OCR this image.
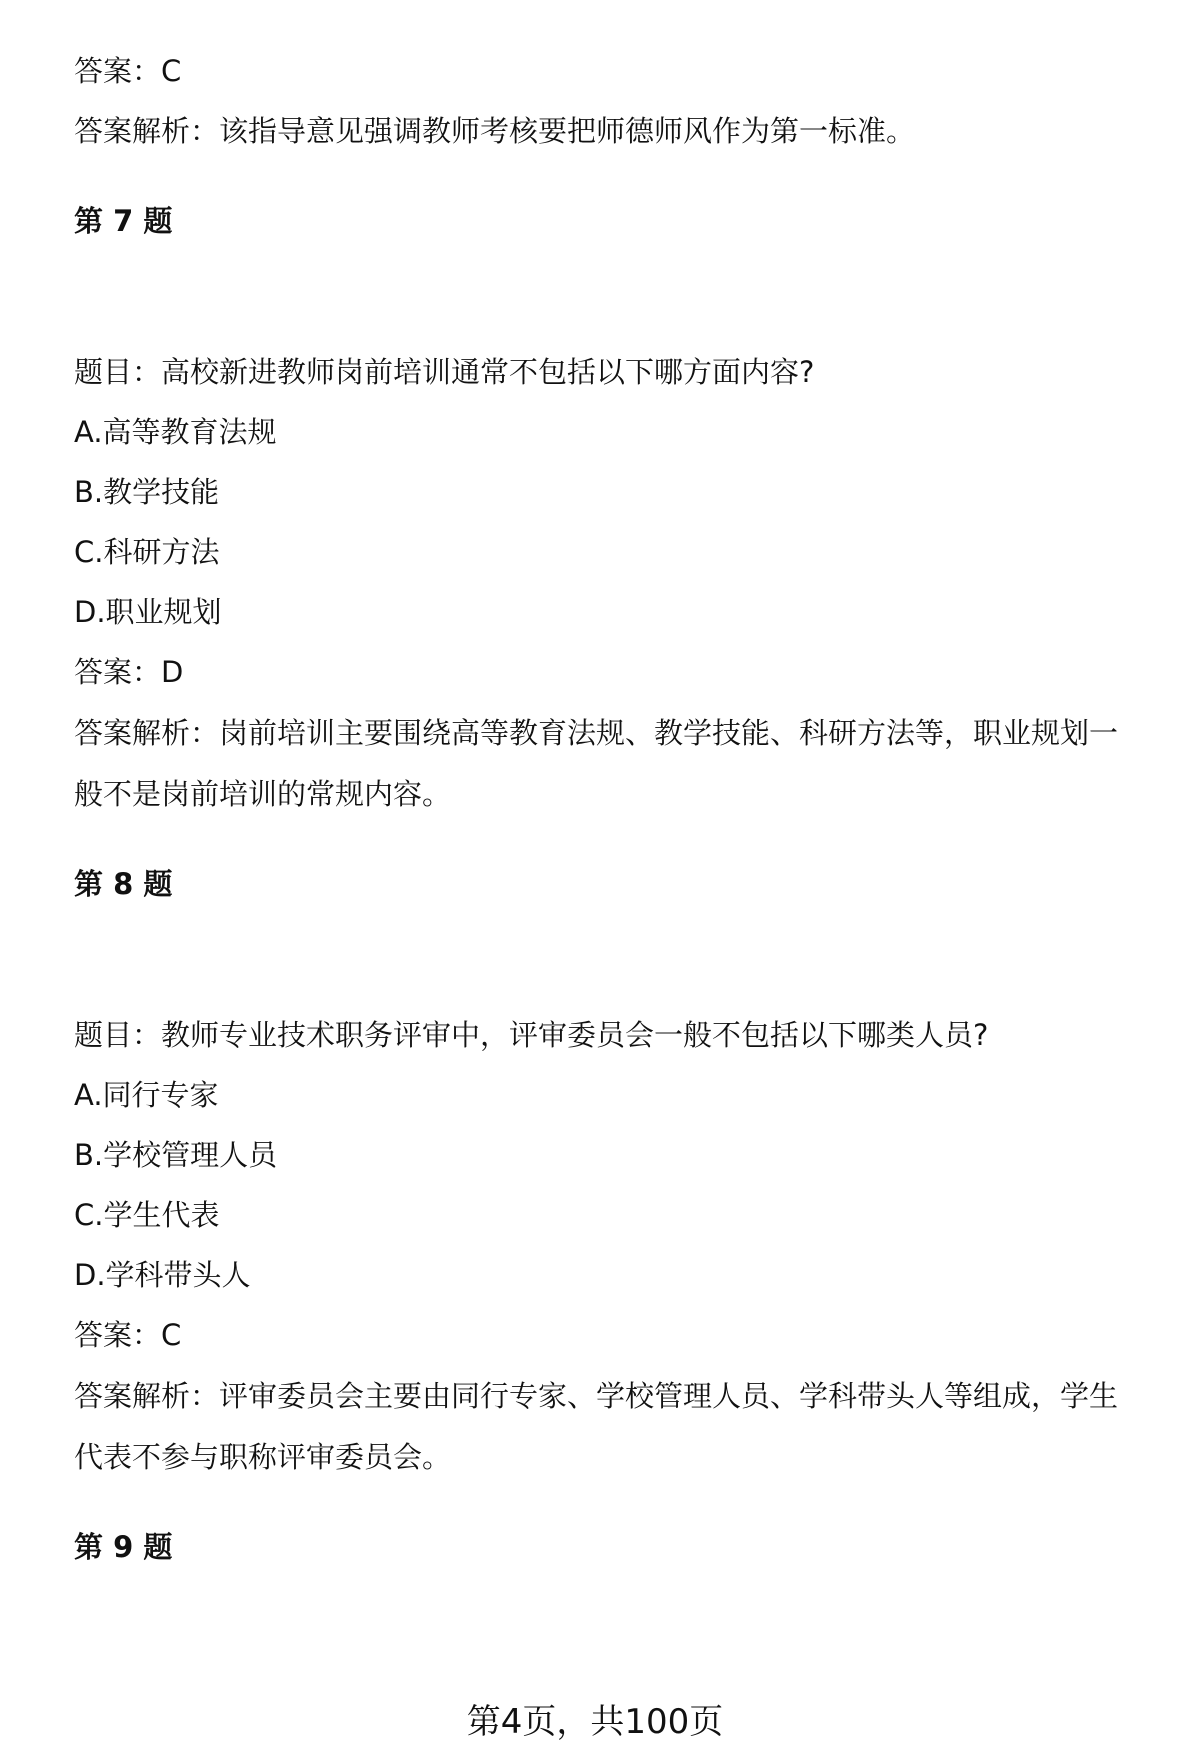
答案：C
答案解析：该指导意见强调教师考核要把师德师风作为第一标准。
第 7 题
题目：高校新进教师岗前培训通常不包括以下哪方面内容?
A.高等教育法规
B.教学技能
C.科研方法
D.职业规划
答案：D
答案解析：岗前培训主要围绕高等教育法规、教学技能、科研方法等，职业规划一
般不是岗前培训的常规内容。
第 8 题
题目：教师专业技术职务评审中，评审委员会一般不包括以下哪类人员?
A.同行专家
B.学校管理人员
C.学生代表
D.学科带头人
答案：C
答案解析：评审委员会主要由同行专家、学校管理人员、学科带头人等组成，学生
代表不参与职称评审委员会。
第 9 题
第4页，共100页
